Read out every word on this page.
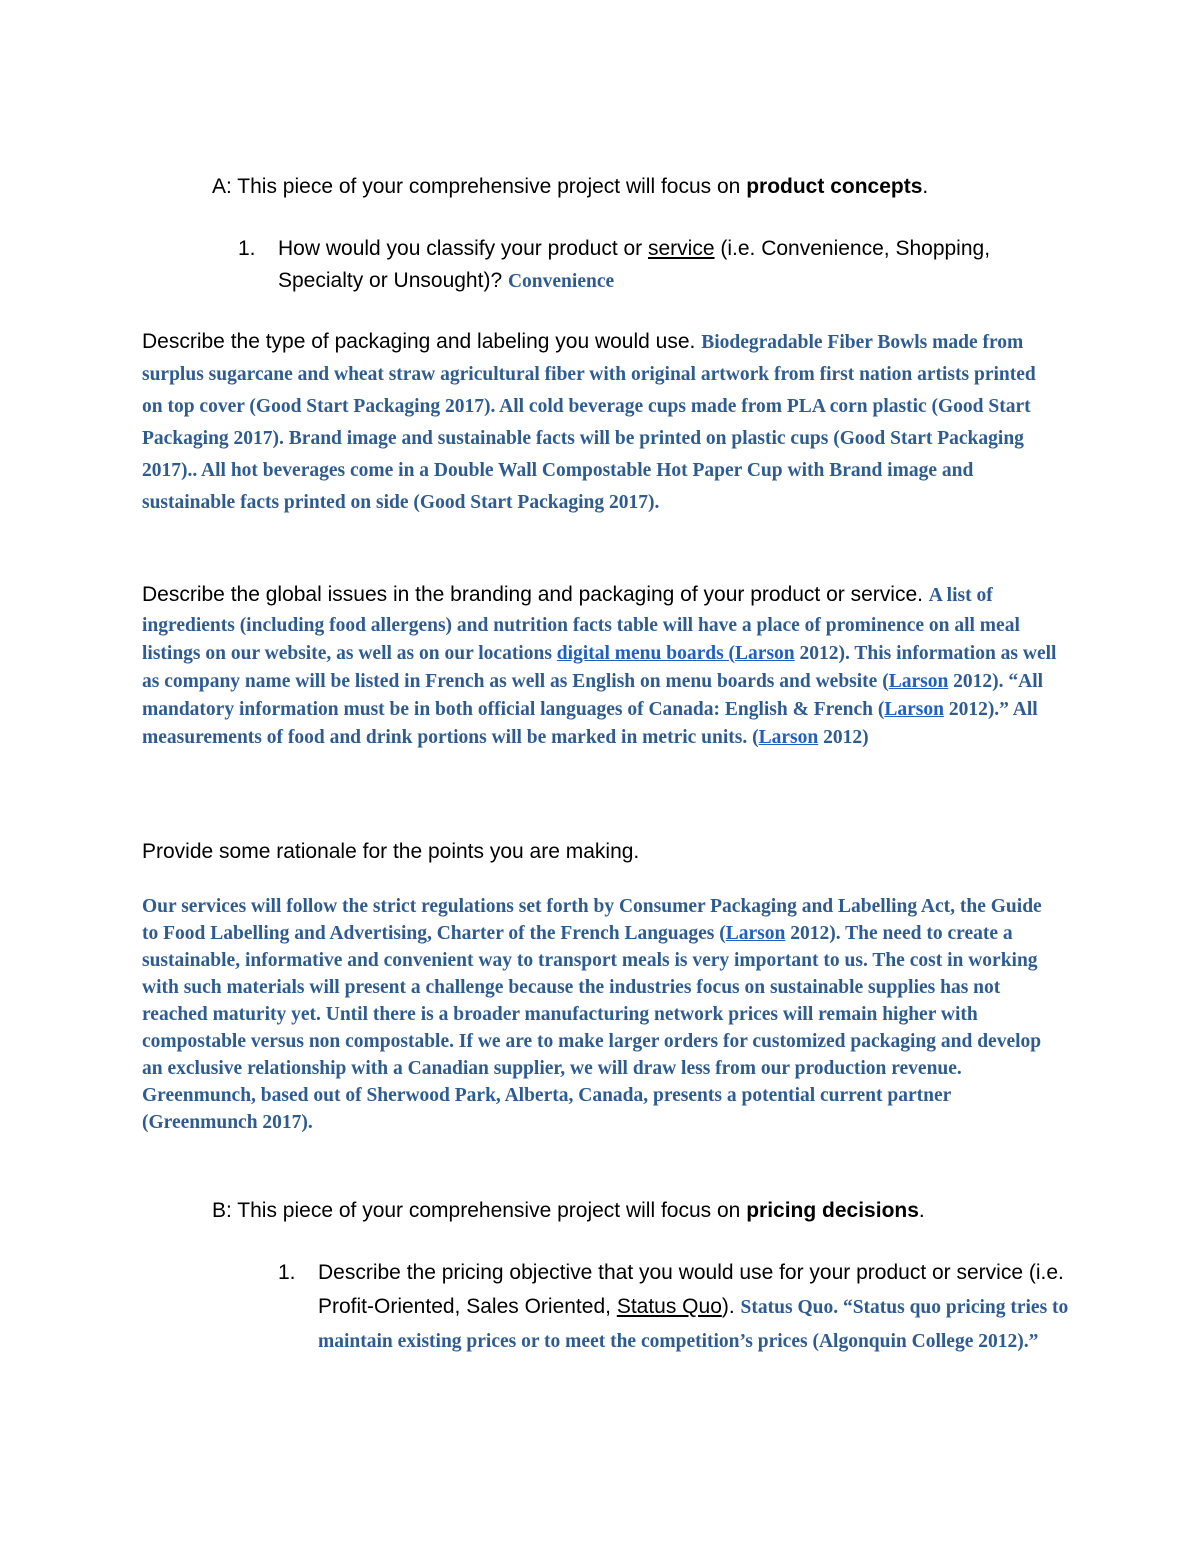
A: This piece of your comprehensive project will focus on product concepts.

1. How would you classify your product or service (i.e. Convenience, Shopping, Specialty or Unsought)? Convenience

Describe the type of packaging and labeling you would use. Biodegradable Fiber Bowls made from surplus sugarcane and wheat straw agricultural fiber with original artwork from first nation artists printed on top cover (Good Start Packaging 2017). All cold beverage cups made from PLA corn plastic (Good Start Packaging 2017). Brand image and sustainable facts will be printed on plastic cups (Good Start Packaging 2017).. All hot beverages come in a Double Wall Compostable Hot Paper Cup with Brand image and sustainable facts printed on side (Good Start Packaging 2017).

Describe the global issues in the branding and packaging of your product or service. A list of ingredients (including food allergens) and nutrition facts table will have a place of prominence on all meal listings on our website, as well as on our locations digital menu boards (Larson 2012). This information as well as company name will be listed in French as well as English on menu boards and website (Larson 2012). “All mandatory information must be in both official languages of Canada: English & French (Larson 2012).” All measurements of food and drink portions will be marked in metric units. (Larson 2012)

Provide some rationale for the points you are making.

Our services will follow the strict regulations set forth by Consumer Packaging and Labelling Act, the Guide to Food Labelling and Advertising, Charter of the French Languages (Larson 2012). The need to create a sustainable, informative and convenient way to transport meals is very important to us. The cost in working with such materials will present a challenge because the industries focus on sustainable supplies has not reached maturity yet. Until there is a broader manufacturing network prices will remain higher with compostable versus non compostable. If we are to make larger orders for customized packaging and develop an exclusive relationship with a Canadian supplier, we will draw less from our production revenue. Greenmunch, based out of Sherwood Park, Alberta, Canada, presents a potential current partner (Greenmunch 2017).

B: This piece of your comprehensive project will focus on pricing decisions.

1. Describe the pricing objective that you would use for your product or service (i.e. Profit-Oriented, Sales Oriented, Status Quo). Status Quo. “Status quo pricing tries to maintain existing prices or to meet the competition’s prices (Algonquin College 2012).”
